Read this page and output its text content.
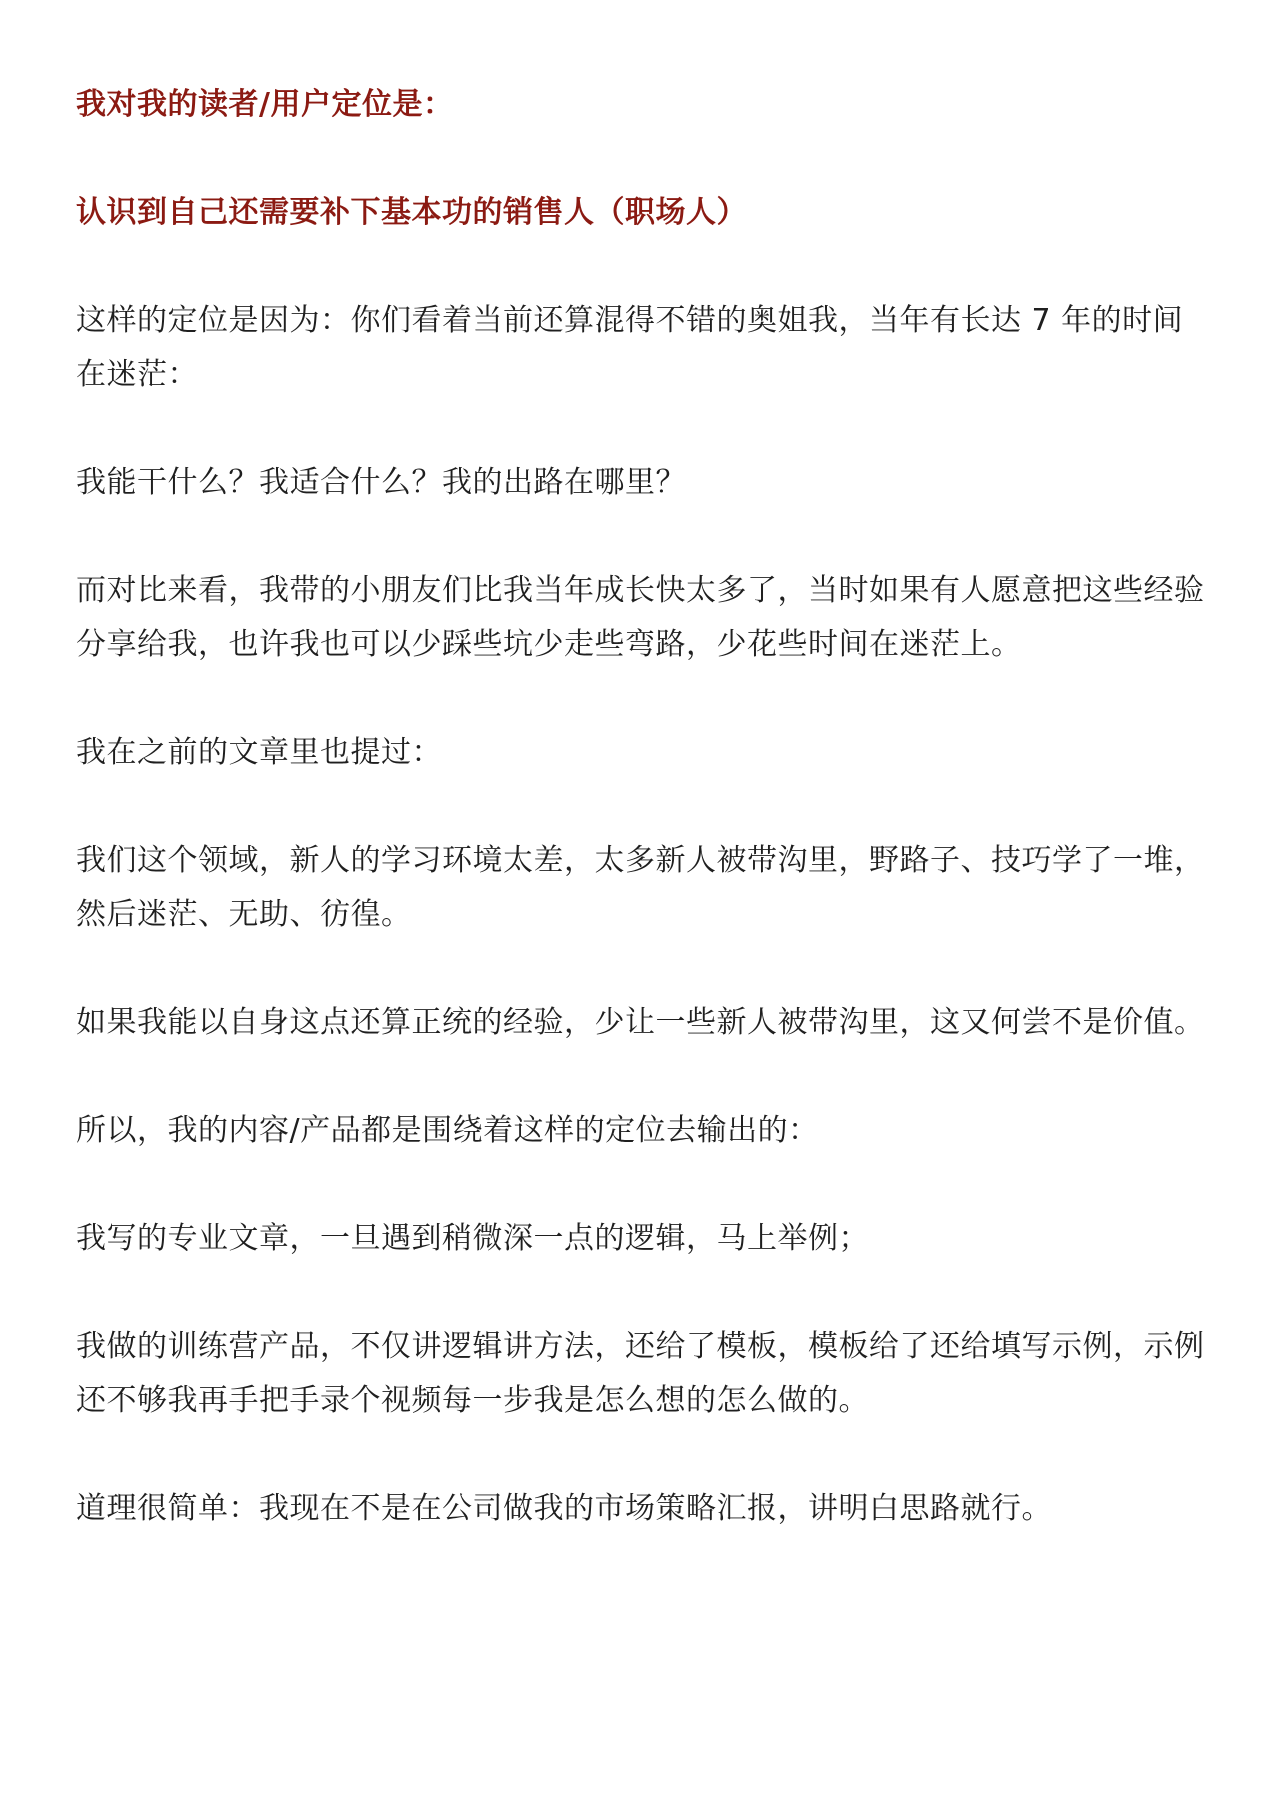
我对我的读者/用户定位是：

认识到自己还需要补下基本功的销售人（职场人）

这样的定位是因为：你们看着当前还算混得不错的奥姐我，当年有长达 7 年的时间在迷茫：

我能干什么？我适合什么？我的出路在哪里？

而对比来看，我带的小朋友们比我当年成长快太多了，当时如果有人愿意把这些经验分享给我，也许我也可以少踩些坑少走些弯路，少花些时间在迷茫上。

我在之前的文章里也提过：

我们这个领域，新人的学习环境太差，太多新人被带沟里，野路子、技巧学了一堆，然后迷茫、无助、彷徨。

如果我能以自身这点还算正统的经验，少让一些新人被带沟里，这又何尝不是价值。

所以，我的内容/产品都是围绕着这样的定位去输出的：

我写的专业文章，一旦遇到稍微深一点的逻辑，马上举例；

我做的训练营产品，不仅讲逻辑讲方法，还给了模板，模板给了还给填写示例，示例还不够我再手把手录个视频每一步我是怎么想的怎么做的。

道理很简单：我现在不是在公司做我的市场策略汇报，讲明白思路就行。
